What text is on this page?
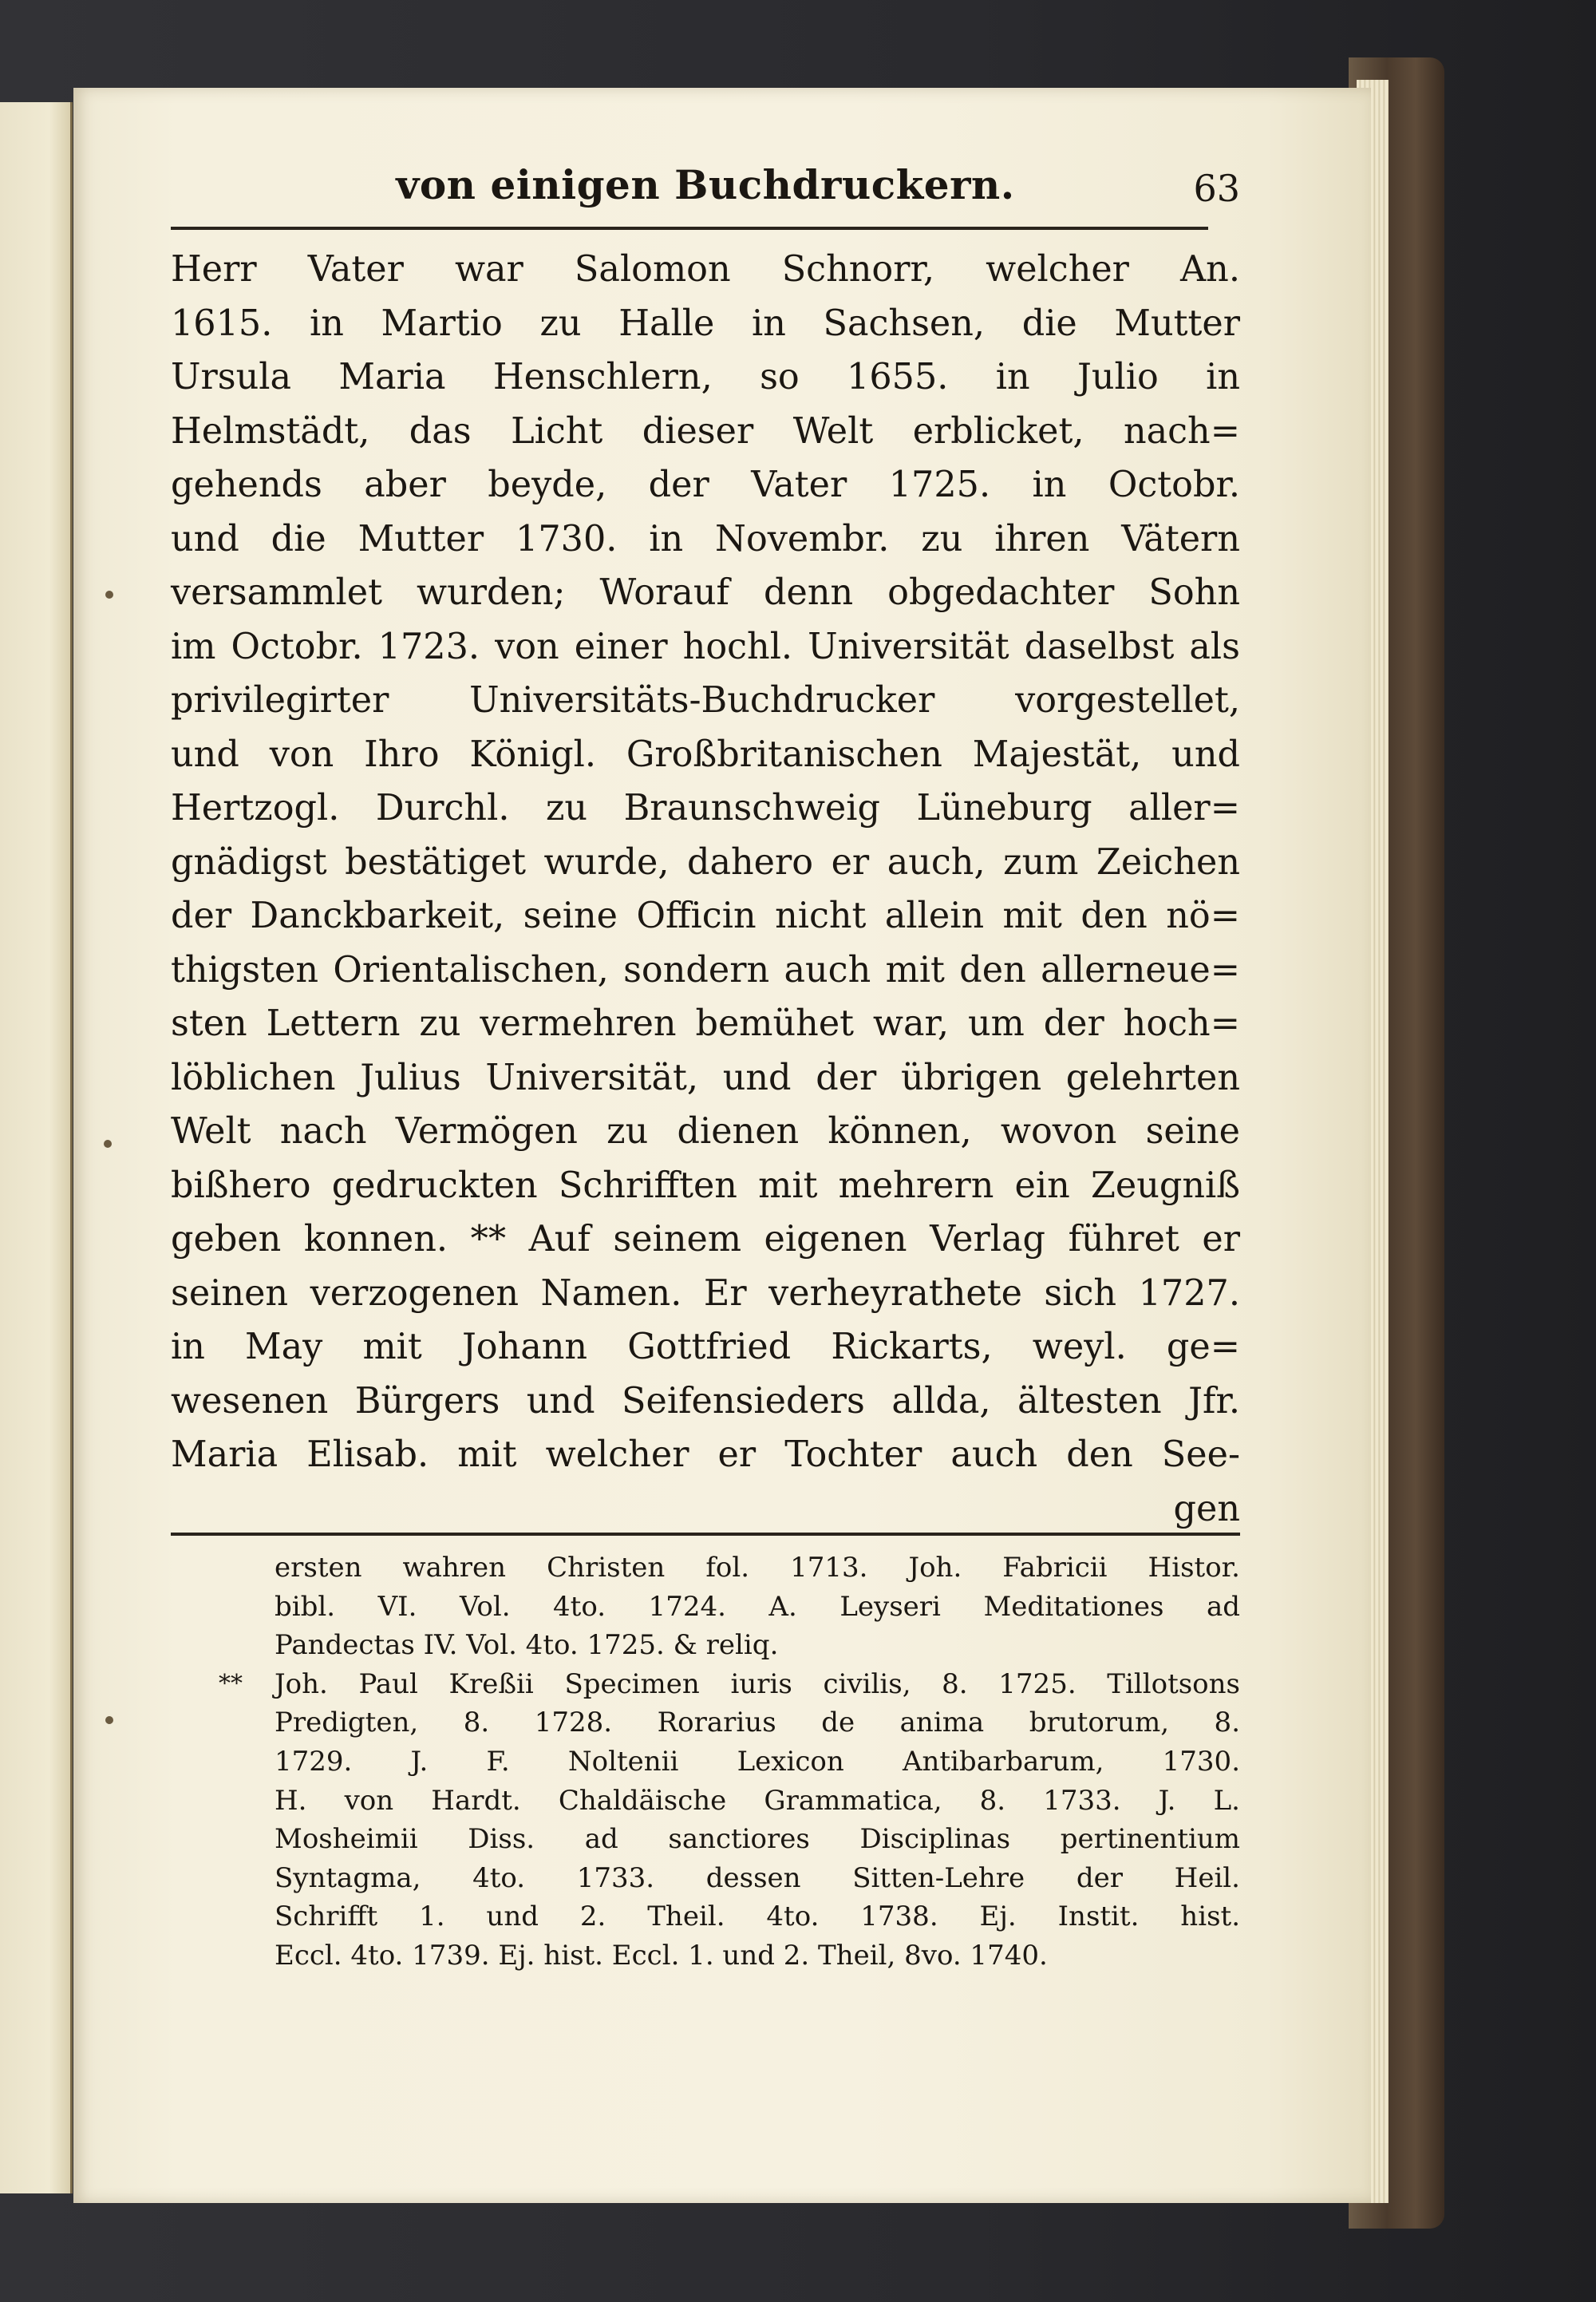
von einigen Buchdruckern.	63
Herr Vater war Salomon Schnorr, welcher An.
1615. in Martio zu Halle in Sachsen, die Mutter
Ursula Maria Henschlern, so 1655. in Julio in
Helmstädt, das Licht dieser Welt erblicket, nach=
gehends aber beyde, der Vater 1725. in Octobr.
und die Mutter 1730. in Novembr. zu ihren Vätern
versammlet wurden; Worauf denn obgedachter Sohn
im Octobr. 1723. von einer hochl. Universität daselbst als
privilegirter Universitäts-Buchdrucker vorgestellet,
und von Ihro Königl. Großbritanischen Majestät, und
Hertzogl. Durchl. zu Braunschweig Lüneburg aller=
gnädigst bestätiget wurde, dahero er auch, zum Zeichen
der Danckbarkeit, seine Officin nicht allein mit den nö=
thigsten Orientalischen, sondern auch mit den allerneue=
sten Lettern zu vermehren bemühet war, um der hoch=
löblichen Julius Universität, und der übrigen gelehrten
Welt nach Vermögen zu dienen können, wovon seine
bißhero gedruckten Schrifften mit mehrern ein Zeugniß
geben konnen. ** Auf seinem eigenen Verlag führet er
seinen verzogenen Namen. Er verheyrathete sich 1727.
in May mit Johann Gottfried Rickarts, weyl. ge=
wesenen Bürgers und Seifensieders allda, ältesten Jfr.
Maria Elisab. mit welcher er Tochter auch den See-
gen
ersten wahren Christen fol. 1713. Joh. Fabricii Histor.
bibl. VI. Vol. 4to. 1724. A. Leyseri Meditationes ad
Pandectas IV. Vol. 4to. 1725. & reliq.
** Joh. Paul Kreßii Specimen iuris civilis, 8. 1725. Tillotsons
Predigten, 8. 1728. Rorarius de anima brutorum, 8.
1729. J. F. Noltenii Lexicon Antibarbarum, 1730.
H. von Hardt. Chaldäische Grammatica, 8. 1733. J. L.
Mosheimii Diss. ad sanctiores Disciplinas pertinentium
Syntagma, 4to. 1733. dessen Sitten-Lehre der Heil.
Schrifft 1. und 2. Theil. 4to. 1738. Ej. Instit. hist.
Eccl. 4to. 1739. Ej. hist. Eccl. 1. und 2. Theil, 8vo. 1740.
